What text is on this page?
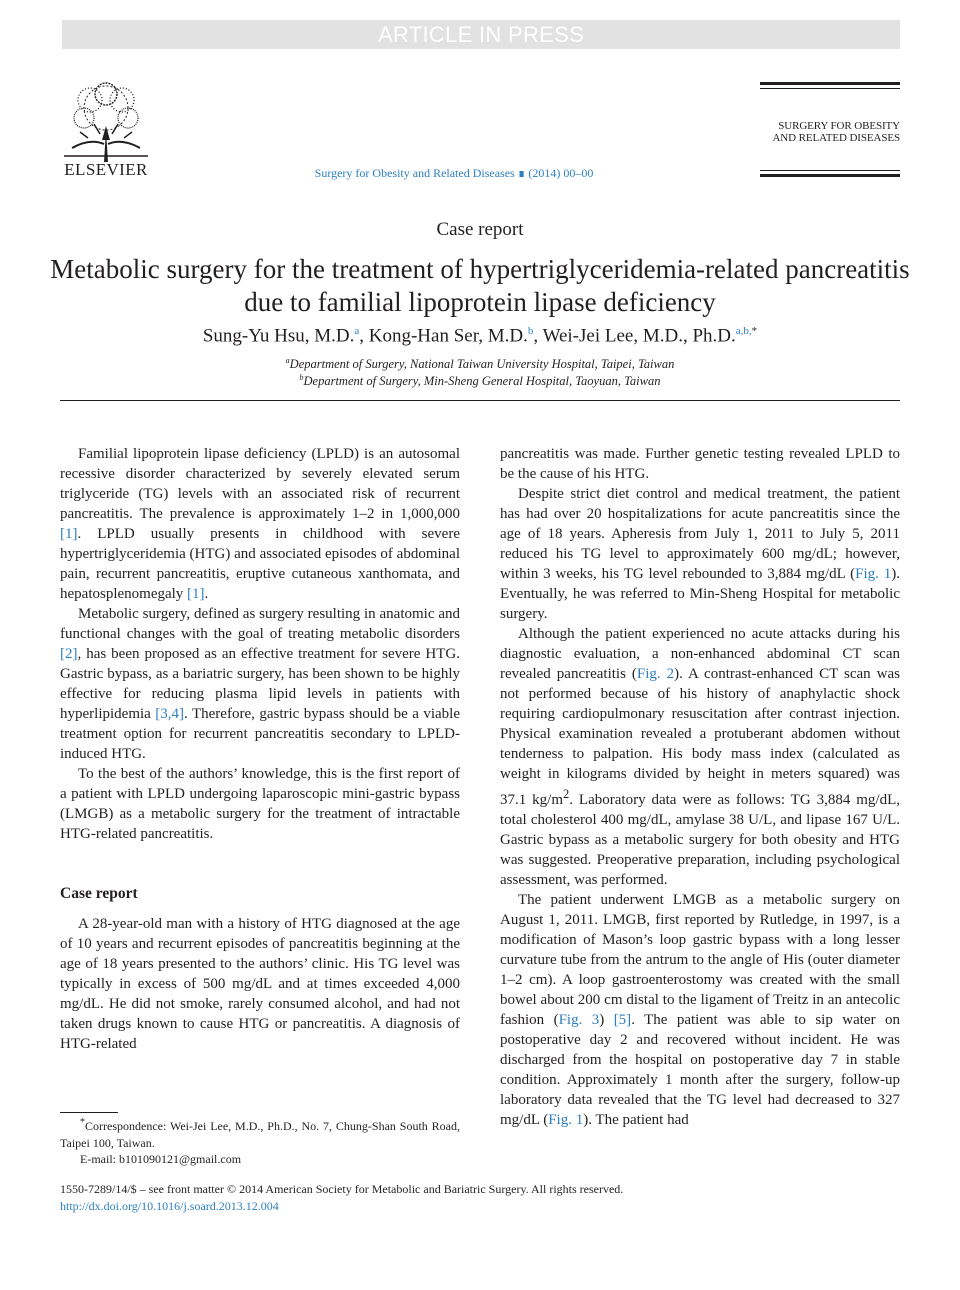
ARTICLE IN PRESS
ELSEVIER	Surgery for Obesity and Related Diseases ∎ (2014) 00–00
SURGERY FOR OBESITY
AND RELATED DISEASES
Case report
Metabolic surgery for the treatment of hypertriglyceridemia-related pancreatitis due to familial lipoprotein lipase deficiency
Sung-Yu Hsu, M.D.$^a$, Kong-Han Ser, M.D.$^b$, Wei-Jei Lee, M.D., Ph.D.$^{a,b,*}$
$^a$Department of Surgery, National Taiwan University Hospital, Taipei, Taiwan
$^b$Department of Surgery, Min-Sheng General Hospital, Taoyuan, Taiwan

Familial lipoprotein lipase deficiency (LPLD) is an autosomal recessive disorder characterized by severely elevated serum triglyceride (TG) levels with an associated risk of recurrent pancreatitis. The prevalence is approximately 1–2 in 1,000,000 [1]. LPLD usually presents in childhood with severe hypertriglyceridemia (HTG) and associated episodes of abdominal pain, recurrent pancreatitis, eruptive cutaneous xanthomata, and hepatosplenomegaly [1].

Metabolic surgery, defined as surgery resulting in anatomic and functional changes with the goal of treating metabolic disorders [2], has been proposed as an effective treatment for severe HTG. Gastric bypass, as a bariatric surgery, has been shown to be highly effective for reducing plasma lipid levels in patients with hyperlipidemia [3,4]. Therefore, gastric bypass should be a viable treatment option for recurrent pancreatitis secondary to LPLD-induced HTG.

To the best of the authors’ knowledge, this is the first report of a patient with LPLD undergoing laparoscopic mini-gastric bypass (LMGB) as a metabolic surgery for the treatment of intractable HTG-related pancreatitis.

Case report

A 28-year-old man with a history of HTG diagnosed at the age of 10 years and recurrent episodes of pancreatitis beginning at the age of 18 years presented to the authors’ clinic. His TG level was typically in excess of 500 mg/dL and at times exceeded 4,000 mg/dL. He did not smoke, rarely consumed alcohol, and had not taken drugs known to cause HTG or pancreatitis. A diagnosis of HTG-related

pancreatitis was made. Further genetic testing revealed LPLD to be the cause of his HTG.

Despite strict diet control and medical treatment, the patient has had over 20 hospitalizations for acute pancreatitis since the age of 18 years. Apheresis from July 1, 2011 to July 5, 2011 reduced his TG level to approximately 600 mg/dL; however, within 3 weeks, his TG level rebounded to 3,884 mg/dL (Fig. 1). Eventually, he was referred to Min-Sheng Hospital for metabolic surgery.

Although the patient experienced no acute attacks during his diagnostic evaluation, a non-enhanced abdominal CT scan revealed pancreatitis (Fig. 2). A contrast-enhanced CT scan was not performed because of his history of anaphylactic shock requiring cardiopulmonary resuscitation after contrast injection. Physical examination revealed a protuberant abdomen without tenderness to palpation. His body mass index (calculated as weight in kilograms divided by height in meters squared) was 37.1 $kg/m^2$. Laboratory data were as follows: TG 3,884 mg/dL, total cholesterol 400 mg/dL, amylase 38 U/L, and lipase 167 U/L. Gastric bypass as a metabolic surgery for both obesity and HTG was suggested. Preoperative preparation, including psychological assessment, was performed.

The patient underwent LMGB as a metabolic surgery on August 1, 2011. LMGB, first reported by Rutledge, in 1997, is a modification of Mason’s loop gastric bypass with a long lesser curvature tube from the antrum to the angle of His (outer diameter 1–2 cm). A loop gastroenterostomy was created with the small bowel about 200 cm distal to the ligament of Treitz in an antecolic fashion (Fig. 3) [5]. The patient was able to sip water on postoperative day 2 and recovered without incident. He was discharged from the hospital on postoperative day 7 in stable condition. Approximately 1 month after the surgery, follow-up laboratory data revealed that the TG level had decreased to 327 mg/dL (Fig. 1). The patient had

*Correspondence: Wei-Jei Lee, M.D., Ph.D., No. 7, Chung-Shan South Road, Taipei 100, Taiwan.

E-mail: b101090121@gmail.com

1550-7289/14/$ – see front matter © 2014 American Society for Metabolic and Bariatric Surgery. All rights reserved.
http://dx.doi.org/10.1016/j.soard.2013.12.004
